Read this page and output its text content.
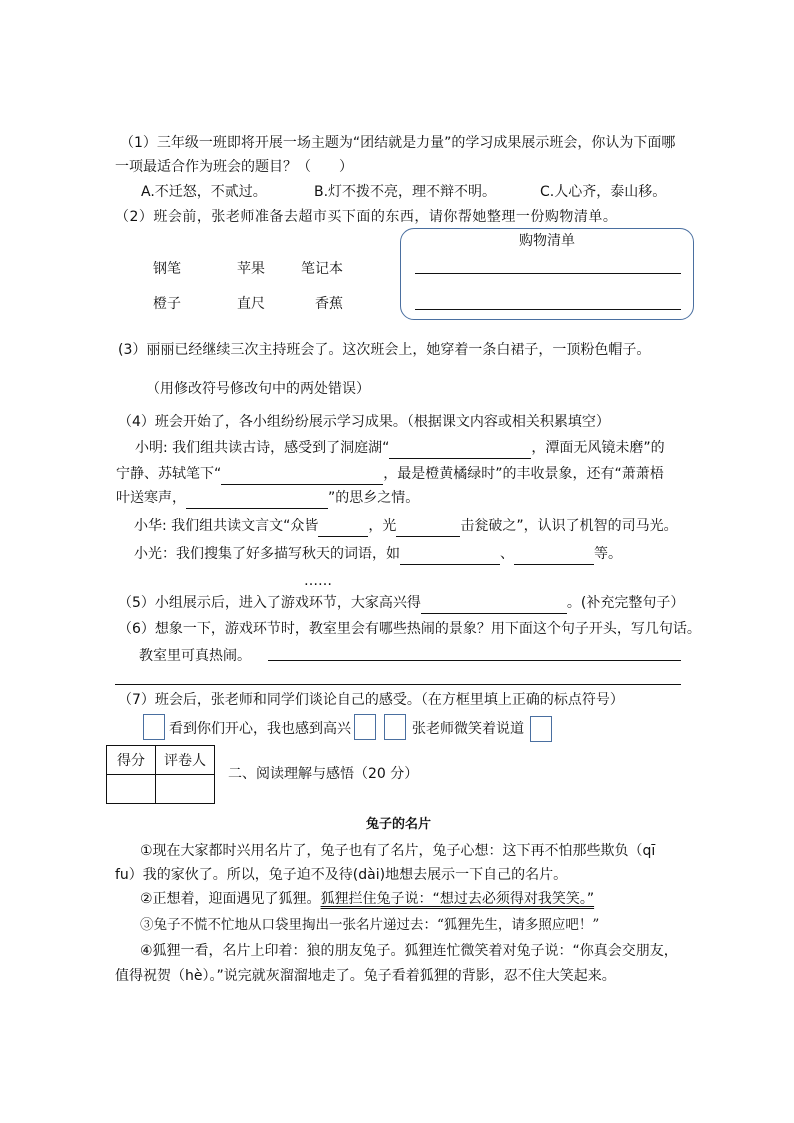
（1）三年级一班即将开展一场主题为“团结就是力量”的学习成果展示班会，你认为下面哪
一项最适合作为班会的题目？（　　）
A.不迁怒，不贰过。	B.灯不拨不亮，理不辩不明。	C.人心齐，泰山移。
（2）班会前，张老师准备去超市买下面的东西，请你帮她整理一份购物清单。
钢笔	苹果	笔记本
橙子	直尺	香蕉
购物清单
(3）丽丽已经继续三次主持班会了。这次班会上，她穿着一条白裙子，一顶粉色帽子。
（用修改符号修改句中的两处错误）
（4）班会开始了，各小组纷纷展示学习成果。（根据课文内容或相关积累填空）
小明: 我们组共读古诗，感受到了洞庭湖“	，潭面无风镜未磨”的
宁静、苏轼笔下“	，最是橙黄橘绿时”的丰收景象，还有“萧萧梧
叶送寒声，	”的思乡之情。
小华: 我们组共读文言文“众皆	，光	击瓮破之”，认识了机智的司马光。
小光：我们搜集了好多描写秋天的词语，如	、	等。
……
（5）小组展示后，进入了游戏环节，大家高兴得	。(补充完整句子）
（6）想象一下，游戏环节时，教室里会有哪些热闹的景象？用下面这个句子开头，写几句话。
教室里可真热闹。
（7）班会后，张老师和同学们谈论自己的感受。（在方框里填上正确的标点符号）
看到你们开心，我也感到高兴	张老师微笑着说道
得分	评卷人

二、阅读理解与感悟（20 分）
兔子的名片
①现在大家都时兴用名片了，兔子也有了名片，兔子心想：这下再不怕那些欺负（qī
fu）我的家伙了。所以，兔子迫不及待(dài)地想去展示一下自己的名片。
②正想着，迎面遇见了狐狸。狐狸拦住兔子说：“想过去必须得对我笑笑。”
③兔子不慌不忙地从口袋里掏出一张名片递过去：“狐狸先生，请多照应吧！”
④狐狸一看，名片上印着：狼的朋友兔子。狐狸连忙微笑着对兔子说：“你真会交朋友，
值得祝贺（hè）。”说完就灰溜溜地走了。兔子看着狐狸的背影，忍不住大笑起来。
